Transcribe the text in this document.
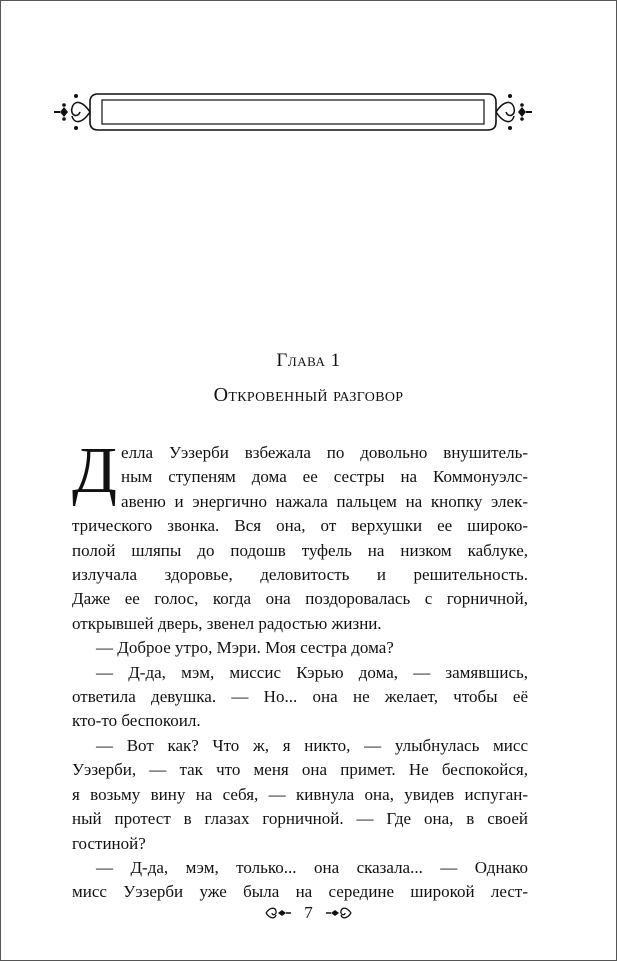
Глава 1
Откровенный разговор

Д елла Уэзерби взбежала по довольно внушитель-
ным ступеням дома ее сестры на Коммонуэлс-
авеню и энергично нажала пальцем на кнопку элек-
трического звонка. Вся она, от верхушки ее широко-
полой шляпы до подошв туфель на низком каблуке,
излучала здоровье, деловитость и решительность.
Даже ее голос, когда она поздоровалась с горничной,
открывшей дверь, звенел радостью жизни.

— Доброе утро, Мэри. Моя сестра дома?

— Д-да, мэм, миссис Кэрью дома, — замявшись,
ответила девушка. — Но... она не желает, чтобы её
кто-то беспокоил.

— Вот как? Что ж, я никто, — улыбнулась мисс
Уэзерби, — так что меня она примет. Не беспокойся,
я возьму вину на себя, — кивнула она, увидев испуган-
ный протест в глазах горничной. — Где она, в своей
гостиной?

— Д-да, мэм, только... она сказала... — Однако
мисс Уэзерби уже была на середине широкой лест-

7
